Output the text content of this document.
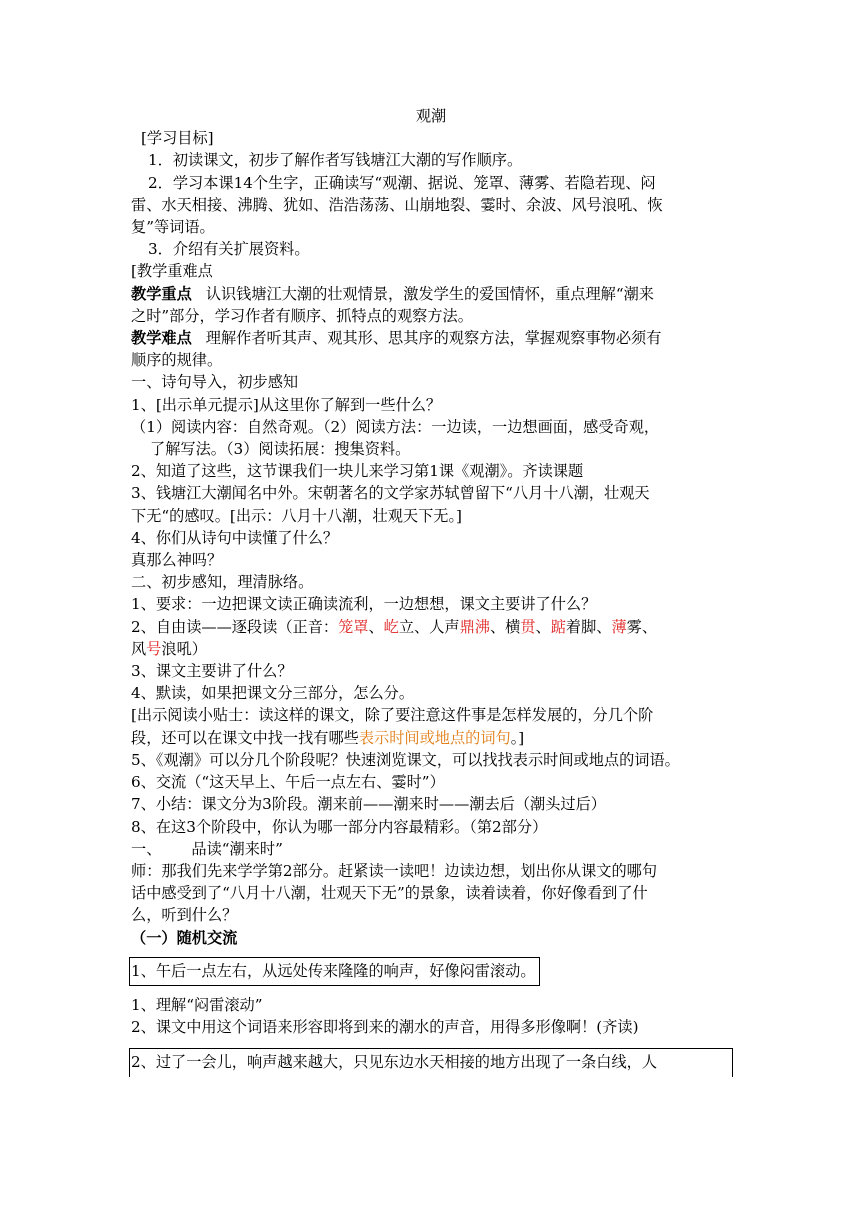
观潮

[学习目标]

1．初读课文，初步了解作者写钱塘江大潮的写作顺序。

2．学习本课14个生字，正确读写“观潮、据说、笼罩、薄雾、若隐若现、闷

雷、水天相接、沸腾、犹如、浩浩荡荡、山崩地裂、霎时、余波、风号浪吼、恢

复”等词语。

3．介绍有关扩展资料。

[教学重难点

教学重点 认识钱塘江大潮的壮观情景，激发学生的爱国情怀，重点理解“潮来

之时”部分，学习作者有顺序、抓特点的观察方法。

教学难点 理解作者听其声、观其形、思其序的观察方法，掌握观察事物必须有

顺序的规律。

一、诗句导入，初步感知

1、[出示单元提示]从这里你了解到一些什么？

（1）阅读内容：自然奇观。（2）阅读方法：一边读，一边想画面，感受奇观，

了解写法。（3）阅读拓展：搜集资料。

2、知道了这些，这节课我们一块儿来学习第1课《观潮》。齐读课题

3、钱塘江大潮闻名中外。宋朝著名的文学家苏轼曾留下“八月十八潮，壮观天

下无“的感叹。[出示：八月十八潮，壮观天下无。]

4、你们从诗句中读懂了什么？

真那么神吗？

二、初步感知，理清脉络。

1、要求：一边把课文读正确读流利，一边想想，课文主要讲了什么？

2、自由读——逐段读（正音：笼罩、屹立、人声鼎沸、横贯、踮着脚、薄雾、

风号浪吼）

3、课文主要讲了什么？

4、默读，如果把课文分三部分，怎么分。

[出示阅读小贴士：读这样的课文，除了要注意这件事是怎样发展的，分几个阶

段，还可以在课文中找一找有哪些表示时间或地点的词句。]

5、《观潮》可以分几个阶段呢？快速浏览课文，可以找找表示时间或地点的词语。

6、交流（“这天早上、午后一点左右、霎时”）

7、小结：课文分为3阶段。潮来前——潮来时——潮去后（潮头过后）

8、在这3个阶段中，你认为哪一部分内容最精彩。（第2部分）

一、 品读“潮来时”

师：那我们先来学学第2部分。赶紧读一读吧！边读边想，划出你从课文的哪句

话中感受到了“八月十八潮，壮观天下无”的景象，读着读着，你好像看到了什

么，听到什么？

（一）随机交流

1、午后一点左右，从远处传来隆隆的响声，好像闷雷滚动。

1、理解“闷雷滚动”

2、课文中用这个词语来形容即将到来的潮水的声音，用得多形像啊！(齐读)

2、过了一会儿，响声越来越大，只见东边水天相接的地方出现了一条白线，人
